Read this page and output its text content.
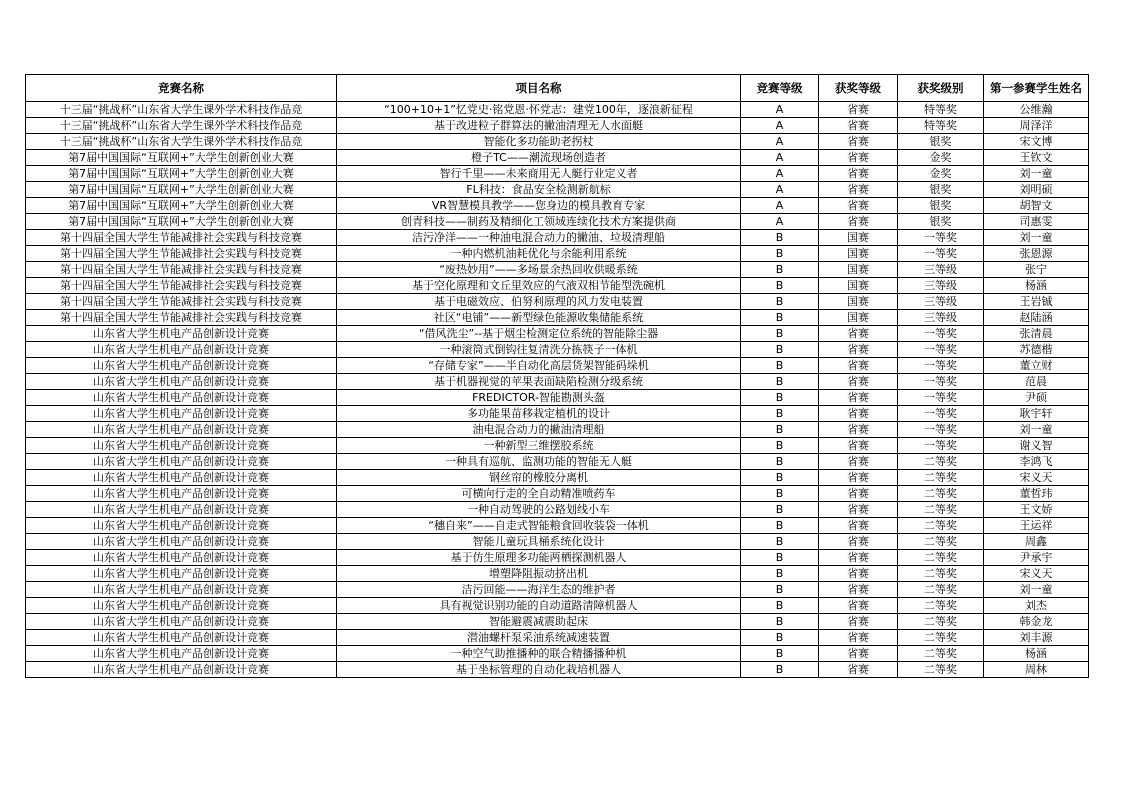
竞赛名称	项目名称	竞赛等级	获奖等级	获奖级别	第一参赛学生姓名
十三届“挑战杯”山东省大学生课外学术科技作品竞	“100+10+1”忆党史·铭党恩·怀党志：建党100年，逐浪新征程	A	省赛	特等奖	公维瀚
十三届“挑战杯”山东省大学生课外学术科技作品竞	基于改进粒子群算法的撇油清理无人水面艇	A	省赛	特等奖	周泽洋
十三届“挑战杯”山东省大学生课外学术科技作品竞	智能化多功能助老拐杖	A	省赛	银奖	宋文博
第7届中国国际“互联网+”大学生创新创业大赛	橙子TC——潮流现场创造者	A	省赛	金奖	王钦文
第7届中国国际“互联网+”大学生创新创业大赛	智行千里——未来商用无人艇行业定义者	A	省赛	金奖	刘一童
第7届中国国际“互联网+”大学生创新创业大赛	FL科技：食品安全检测新航标	A	省赛	银奖	刘明硕
第7届中国国际“互联网+”大学生创新创业大赛	VR智慧模具教学——您身边的模具教育专家	A	省赛	银奖	胡智文
第7届中国国际“互联网+”大学生创新创业大赛	创青科技——制药及精细化工领域连续化技术方案提供商	A	省赛	银奖	司惠雯
第十四届全国大学生节能减排社会实践与科技竞赛	洁污净洋——一种油电混合动力的撇油、垃圾清理船	B	国赛	一等奖	刘一童
第十四届全国大学生节能减排社会实践与科技竞赛	一种内燃机油耗优化与余能利用系统	B	国赛	一等奖	张恩源
第十四届全国大学生节能减排社会实践与科技竞赛	“废热妙用”——多场景余热回收供暖系统	B	国赛	三等级	张宁
第十四届全国大学生节能减排社会实践与科技竞赛	基于空化原理和文丘里效应的气液双相节能型洗碗机	B	国赛	三等级	杨涵
第十四届全国大学生节能减排社会实践与科技竞赛	基于电磁效应、伯努利原理的风力发电装置	B	国赛	三等级	王岩铖
第十四届全国大学生节能减排社会实践与科技竞赛	社区“电铺”——新型绿色能源收集储能系统	B	国赛	三等级	赵陆涵
山东省大学生机电产品创新设计竞赛	“借风洗尘”--基于烟尘检测定位系统的智能除尘器	B	省赛	一等奖	张清晨
山东省大学生机电产品创新设计竞赛	一种滚筒式倒钩往复清洗分拣筷子一体机	B	省赛	一等奖	苏德楷
山东省大学生机电产品创新设计竞赛	“存储专家”——半自动化高层货架智能码垛机	B	省赛	一等奖	董立财
山东省大学生机电产品创新设计竞赛	基于机器视觉的苹果表面缺陷检测分级系统	B	省赛	一等奖	范晨
山东省大学生机电产品创新设计竞赛	FREDICTOR-智能勘测头盔	B	省赛	一等奖	尹硕
山东省大学生机电产品创新设计竞赛	多功能果苗移栽定植机的设计	B	省赛	一等奖	耿宇轩
山东省大学生机电产品创新设计竞赛	油电混合动力的撇油清理船	B	省赛	一等奖	刘一童
山东省大学生机电产品创新设计竞赛	一种新型三维摆胶系统	B	省赛	一等奖	谢义智
山东省大学生机电产品创新设计竞赛	一种具有巡航、监测功能的智能无人艇	B	省赛	二等奖	李鸿飞
山东省大学生机电产品创新设计竞赛	钢丝帘的橡胶分离机	B	省赛	二等奖	宋义天
山东省大学生机电产品创新设计竞赛	可横向行走的全自动精准喷药车	B	省赛	二等奖	董哲玮
山东省大学生机电产品创新设计竞赛	一种自动驾驶的公路划线小车	B	省赛	二等奖	王文娇
山东省大学生机电产品创新设计竞赛	“穗自来”——自走式智能粮食回收装袋一体机	B	省赛	二等奖	王运祥
山东省大学生机电产品创新设计竞赛	智能儿童玩具桶系统化设计	B	省赛	二等奖	周鑫
山东省大学生机电产品创新设计竞赛	基于仿生原理多功能两栖探测机器人	B	省赛	二等奖	尹承宇
山东省大学生机电产品创新设计竞赛	增塑降阻振动挤出机	B	省赛	二等奖	宋义天
山东省大学生机电产品创新设计竞赛	洁污回能——海洋生态的维护者	B	省赛	二等奖	刘一童
山东省大学生机电产品创新设计竞赛	具有视觉识别功能的自动道路清障机器人	B	省赛	二等奖	刘杰
山东省大学生机电产品创新设计竞赛	智能避震减震助起床	B	省赛	二等奖	韩金龙
山东省大学生机电产品创新设计竞赛	潜油螺杆泵采油系统减速装置	B	省赛	二等奖	刘丰源
山东省大学生机电产品创新设计竞赛	一种空气助推播种的联合精播播种机	B	省赛	二等奖	杨涵
山东省大学生机电产品创新设计竞赛	基于坐标管理的自动化栽培机器人	B	省赛	二等奖	周林
